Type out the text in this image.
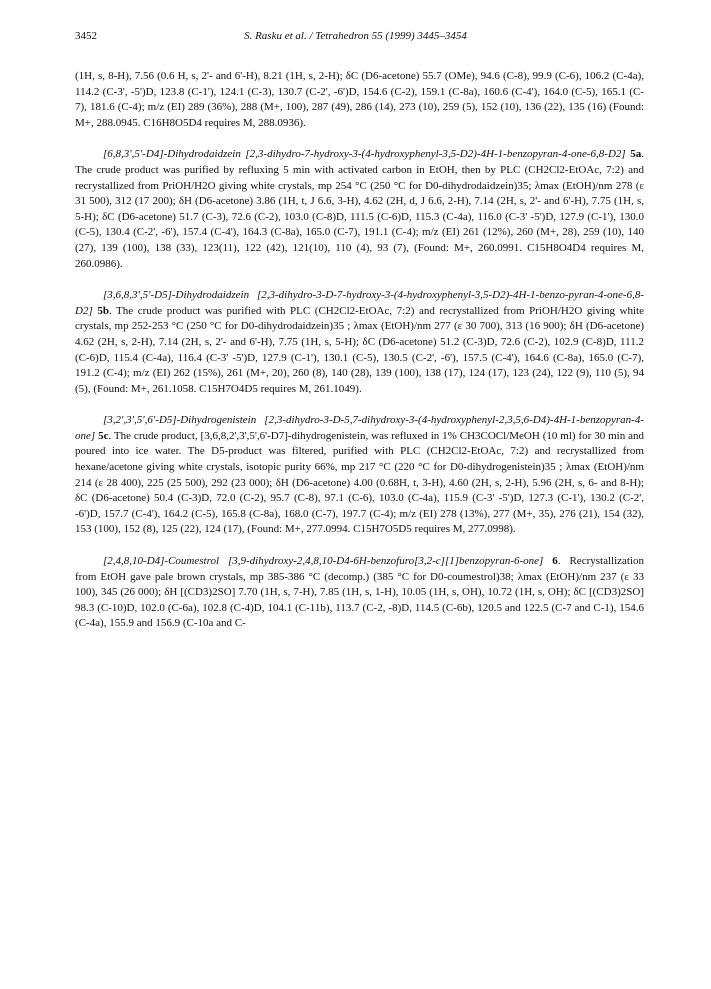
3452	S. Rasku et al. / Tetrahedron 55 (1999) 3445–3454

(1H, s, 8-H), 7.56 (0.6 H, s, 2'- and 6'-H), 8.21 (1H, s, 2-H); δC (D6-acetone) 55.7 (OMe), 94.6 (C-8), 99.9 (C-6), 106.2 (C-4a), 114.2 (C-3', -5')D, 123.8 (C-1'), 124.1 (C-3), 130.7 (C-2', -6')D, 154.6 (C-2), 159.1 (C-8a), 160.6 (C-4'), 164.0 (C-5), 165.1 (C-7), 181.6 (C-4); m/z (EI) 289 (36%), 288 (M+, 100), 287 (49), 286 (14), 273 (10), 259 (5), 152 (10), 136 (22), 135 (16) (Found: M+, 288.0945. C16H8O5D4 requires M, 288.0936).

[6,8,3',5'-D4]-Dihydrodaidzein [2,3-dihydro-7-hydroxy-3-(4-hydroxyphenyl-3,5-D2)-4H-1-benzopyran-4-one-6,8-D2] 5a. The crude product was purified by refluxing 5 min with activated carbon in EtOH, then by PLC (CH2Cl2-EtOAc, 7:2) and recrystallized from PriOH/H2O giving white crystals, mp 254 °C (250 °C for D0-dihydrodaidzein)35; λmax (EtOH)/nm 278 (ε 31 500), 312 (17 200); δH (D6-acetone) 3.86 (1H, t, J 6.6, 3-H), 4.62 (2H, d, J 6.6, 2-H), 7.14 (2H, s, 2'- and 6'-H), 7.75 (1H, s, 5-H); δC (D6-acetone) 51.7 (C-3), 72.6 (C-2), 103.0 (C-8)D, 111.5 (C-6)D, 115.3 (C-4a), 116.0 (C-3' -5')D, 127.9 (C-1'), 130.0 (C-5), 130.4 (C-2', -6'), 157.4 (C-4'), 164.3 (C-8a), 165.0 (C-7), 191.1 (C-4); m/z (EI) 261 (12%), 260 (M+, 28), 259 (10), 140 (27), 139 (100), 138 (33), 123(11), 122 (42), 121(10), 110 (4), 93 (7), (Found: M+, 260.0991. C15H8O4D4 requires M, 260.0986).

[3,6,8,3',5'-D5]-Dihydrodaidzein [2,3-dihydro-3-D-7-hydroxy-3-(4-hydroxyphenyl-3,5-D2)-4H-1-benzo-pyran-4-one-6,8-D2] 5b. The crude product was purified with PLC (CH2Cl2-EtOAc, 7:2) and recrystallized from PriOH/H2O giving white crystals, mp 252-253 °C (250 °C for D0-dihydrodaidzein)35 ; λmax (EtOH)/nm 277 (ε 30 700), 313 (16 900); δH (D6-acetone) 4.62 (2H, s, 2-H), 7.14 (2H, s, 2'- and 6'-H), 7.75 (1H, s, 5-H); δC (D6-acetone) 51.2 (C-3)D, 72.6 (C-2), 102.9 (C-8)D, 111.2 (C-6)D, 115.4 (C-4a), 116.4 (C-3' -5')D, 127.9 (C-1'), 130.1 (C-5), 130.5 (C-2', -6'), 157.5 (C-4'), 164.6 (C-8a), 165.0 (C-7), 191.2 (C-4); m/z (EI) 262 (15%), 261 (M+, 20), 260 (8), 140 (28), 139 (100), 138 (17), 124 (17), 123 (24), 122 (9), 110 (5), 94 (5), (Found: M+, 261.1058. C15H7O4D5 requires M, 261.1049).

[3,2',3',5',6'-D5]-Dihydrogenistein [2,3-dihydro-3-D-5,7-dihydroxy-3-(4-hydroxyphenyl-2,3,5,6-D4)-4H-1-benzopyran-4-one] 5c. The crude product, [3,6,8,2',3',5',6'-D7]-dihydrogenistein, was refluxed in 1% CH3COCl/MeOH (10 ml) for 30 min and poured into ice water. The D5-product was filtered, purified with PLC (CH2Cl2-EtOAc, 7:2) and recrystallized from hexane/acetone giving white crystals, isotopic purity 66%, mp 217 °C (220 °C for D0-dihydrogenistein)35 ; λmax (EtOH)/nm 214 (ε 28 400), 225 (25 500), 292 (23 000); δH (D6-acetone) 4.00 (0.68H, t, 3-H), 4.60 (2H, s, 2-H), 5.96 (2H, s, 6- and 8-H); δC (D6-acetone) 50.4 (C-3)D, 72.0 (C-2), 95.7 (C-8), 97.1 (C-6), 103.0 (C-4a), 115.9 (C-3' -5')D, 127.3 (C-1'), 130.2 (C-2', -6')D, 157.7 (C-4'), 164.2 (C-5), 165.8 (C-8a), 168.0 (C-7), 197.7 (C-4); m/z (EI) 278 (13%), 277 (M+, 35), 276 (21), 154 (32), 153 (100), 152 (8), 125 (22), 124 (17), (Found: M+, 277.0994. C15H7O5D5 requires M, 277.0998).

[2,4,8,10-D4]-Coumestrol [3,9-dihydroxy-2,4,8,10-D4-6H-benzofuro[3,2-c][1]benzopyran-6-one] 6. Recrystallization from EtOH gave pale brown crystals, mp 385-386 °C (decomp.) (385 °C for D0-coumestrol)38; λmax (EtOH)/nm 237 (ε 33 100), 345 (26 000); δH [(CD3)2SO] 7.70 (1H, s, 7-H), 7.85 (1H, s, 1-H), 10.05 (1H, s, OH), 10.72 (1H, s, OH); δC [(CD3)2SO] 98.3 (C-10)D, 102.0 (C-6a), 102.8 (C-4)D, 104.1 (C-11b), 113.7 (C-2, -8)D, 114.5 (C-6b), 120.5 and 122.5 (C-7 and C-1), 154.6 (C-4a), 155.9 and 156.9 (C-10a and C-
